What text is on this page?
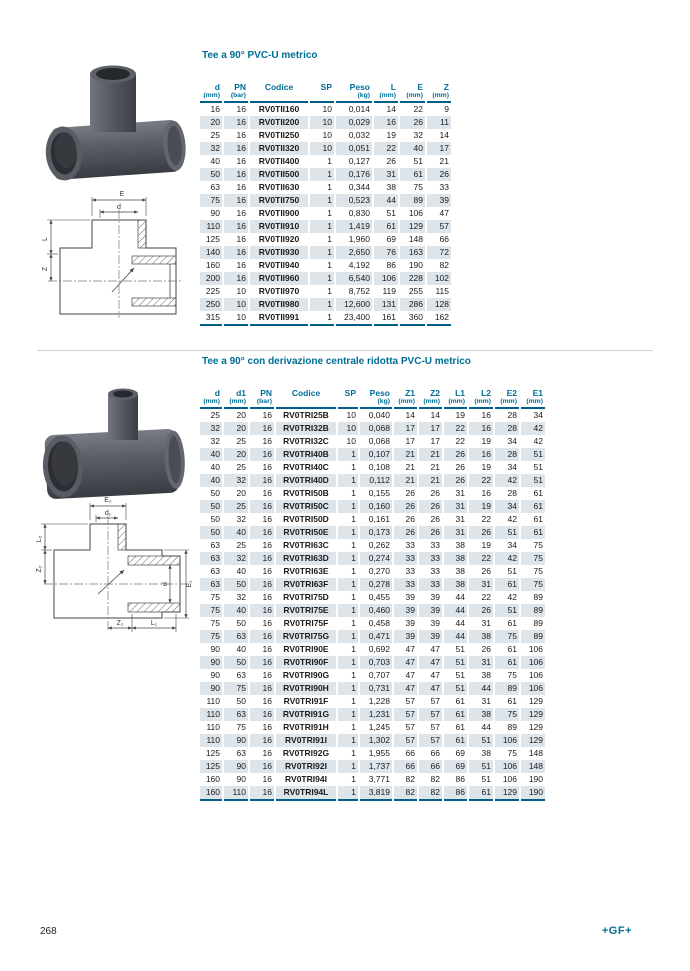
Tee a 90° PVC-U metrico
E
d
L
Z
d	PN	Codice	SP	Peso	L	E	Z
(mm)	(bar)			(kg)	(mm)	(mm)	(mm)
16	16	RV0TII160	10	0,014	14	22	9
20	16	RV0TII200	10	0,029	16	26	11
25	16	RV0TII250	10	0,032	19	32	14
32	16	RV0TII320	10	0,051	22	40	17
40	16	RV0TII400	1	0,127	26	51	21
50	16	RV0TII500	1	0,176	31	61	26
63	16	RV0TII630	1	0,344	38	75	33
75	16	RV0TII750	1	0,523	44	89	39
90	16	RV0TII900	1	0,830	51	106	47
110	16	RV0TII910	1	1,419	61	129	57
125	16	RV0TII920	1	1,960	69	148	66
140	16	RV0TII930	1	2,650	76	163	72
160	16	RV0TII940	1	4,192	86	190	82
200	16	RV0TII960	1	6,540	106	228	102
225	10	RV0TII970	1	8,752	119	255	115
250	10	RV0TII980	1	12,600	131	286	128
315	10	RV0TII991	1	23,400	161	360	162
Tee a 90° con derivazione centrale ridotta PVC-U metrico
E₂
d₁
L₂
Z₂
d E₁
Z₁	L₁
d	d1	PN	Codice	SP	Peso	Z1	Z2	L1	L2	E2	E1
(mm)	(mm)	(bar)			(kg)	(mm)	(mm)	(mm)	(mm)	(mm)	(mm)
25	20	16	RV0TRI25B	10	0,040	14	14	19	16	28	34
32	20	16	RV0TRI32B	10	0,068	17	17	22	16	28	42
32	25	16	RV0TRI32C	10	0,068	17	17	22	19	34	42
40	20	16	RV0TRI40B	1	0,107	21	21	26	16	28	51
40	25	16	RV0TRI40C	1	0,108	21	21	26	19	34	51
40	32	16	RV0TRI40D	1	0,112	21	21	26	22	42	51
50	20	16	RV0TRI50B	1	0,155	26	26	31	16	28	61
50	25	16	RV0TRI50C	1	0,160	26	26	31	19	34	61
50	32	16	RV0TRI50D	1	0,161	26	26	31	22	42	61
50	40	16	RV0TRI50E	1	0,173	26	26	31	26	51	61
63	25	16	RV0TRI63C	1	0,262	33	33	38	19	34	75
63	32	16	RV0TRI63D	1	0,274	33	33	38	22	42	75
63	40	16	RV0TRI63E	1	0,270	33	33	38	26	51	75
63	50	16	RV0TRI63F	1	0,278	33	33	38	31	61	75
75	32	16	RV0TRI75D	1	0,455	39	39	44	22	42	89
75	40	16	RV0TRI75E	1	0,460	39	39	44	26	51	89
75	50	16	RV0TRI75F	1	0,458	39	39	44	31	61	89
75	63	16	RV0TRI75G	1	0,471	39	39	44	38	75	89
90	40	16	RV0TRI90E	1	0,692	47	47	51	26	61	106
90	50	16	RV0TRI90F	1	0,703	47	47	51	31	61	106
90	63	16	RV0TRI90G	1	0,707	47	47	51	38	75	106
90	75	16	RV0TRI90H	1	0,731	47	47	51	44	89	106
110	50	16	RV0TRI91F	1	1,228	57	57	61	31	61	129
110	63	16	RV0TRI91G	1	1,231	57	57	61	38	75	129
110	75	16	RV0TRI91H	1	1,245	57	57	61	44	89	129
110	90	16	RV0TRI91I	1	1,302	57	57	61	51	106	129
125	63	16	RV0TRI92G	1	1,955	66	66	69	38	75	148
125	90	16	RV0TRI92I	1	1,737	66	66	69	51	106	148
160	90	16	RV0TRI94I	1	3,771	82	82	86	51	106	190
160	110	16	RV0TRI94L	1	3,819	82	82	86	61	129	190
268	+GF+
